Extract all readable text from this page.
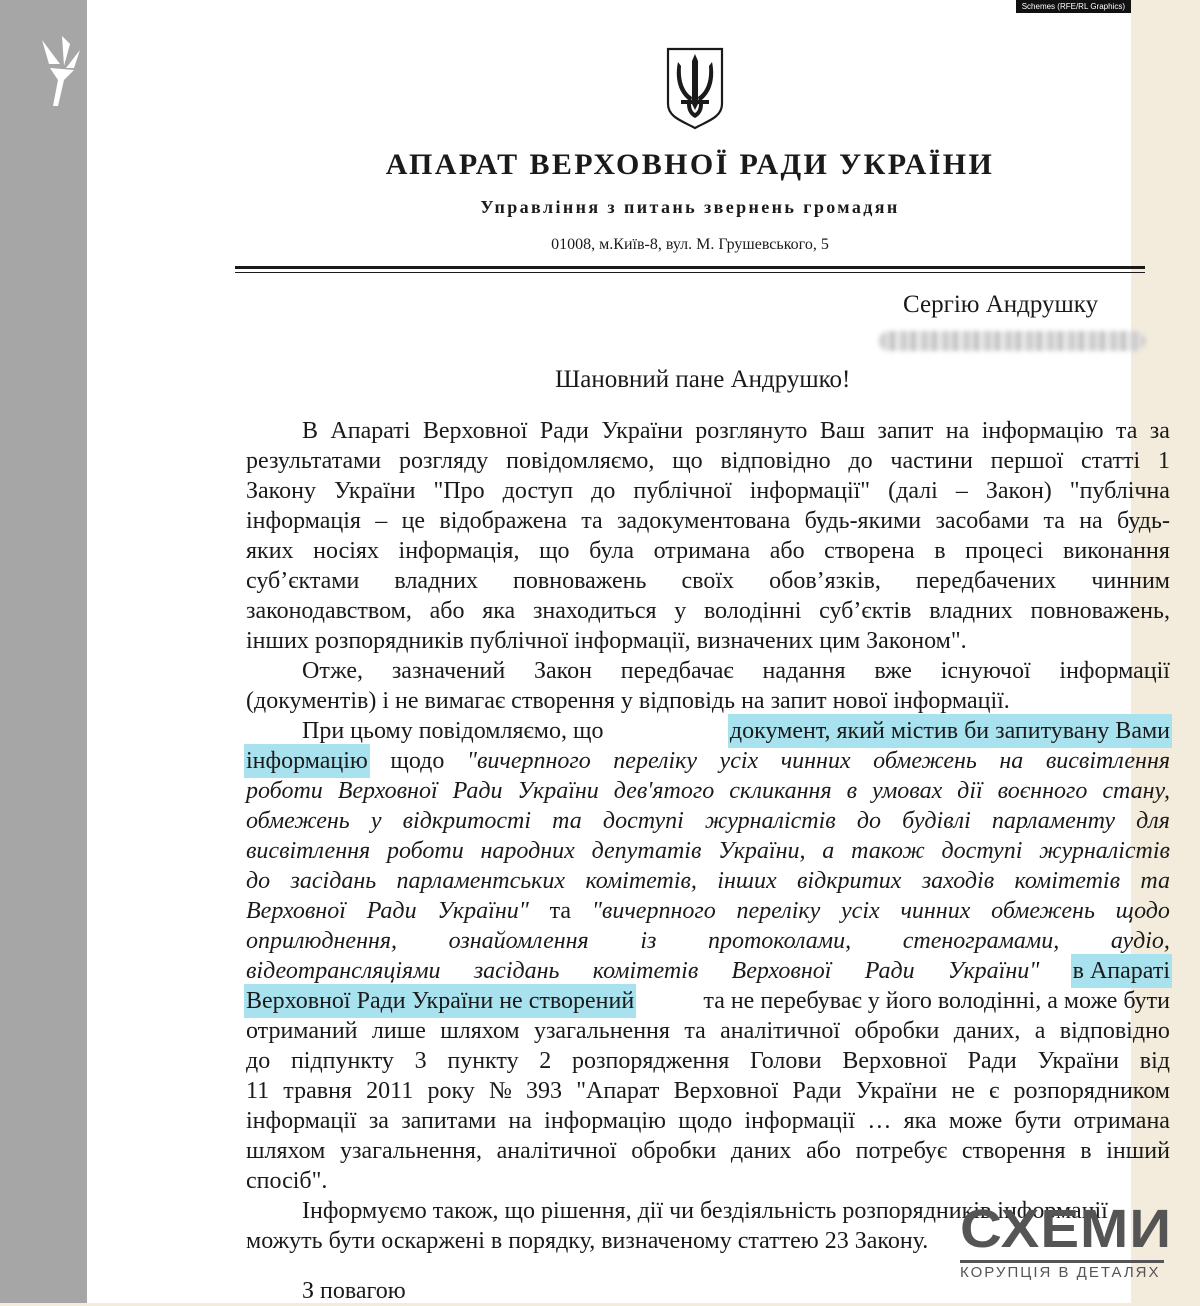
АПАРАТ ВЕРХОВНОЇ РАДИ УКРАЇНИ
Управління з питань звернень громадян
01008, м.Київ-8, вул. М. Грушевського, 5
Сергію Андрушку
Шановний пане Андрушко!
В Апараті Верховної Ради України розглянуто Ваш запит на інформацію та за
результатами розгляду повідомляємо, що відповідно до частини першої статті 1
Закону України "Про доступ до публічної інформації" (далі – Закон) "публічна
інформація – це відображена та задокументована будь-якими засобами та на будь-
яких носіях інформація, що була отримана або створена в процесі виконання
суб’єктами владних повноважень своїх обов’язків, передбачених чинним
законодавством, або яка знаходиться у володінні суб’єктів владних повноважень,
інших розпорядників публічної інформації, визначених цим Законом".
Отже, зазначений Закон передбачає надання вже існуючої інформації
(документів) і не вимагає створення у відповідь на запит нової інформації.
При цьому повідомляємо, що	документ, який містив би запитувану Вами
інформацію щодо "вичерпного переліку усіх чинних обмежень на висвітлення
роботи Верховної Ради України дев'ятого скликання в умовах дії воєнного стану,
обмежень у відкритості та доступі журналістів до будівлі парламенту для
висвітлення роботи народних депутатів України, а також доступі журналістів
до засідань парламентських комітетів, інших відкритих заходів комітетів та
Верховної Ради України" та "вичерпного переліку усіх чинних обмежень щодо
оприлюднення, ознайомлення із протоколами, стенограмами, аудіо,
відеотрансляціями засідань комітетів Верховної Ради України" в Апараті
Верховної Ради України не створений	та не перебуває у його володінні, а може бути
отриманий лише шляхом узагальнення та аналітичної обробки даних, а відповідно
до підпункту 3 пункту 2 розпорядження Голови Верховної Ради України від
11 травня 2011 року № 393 "Апарат Верховної Ради України не є розпорядником
інформації за запитами на інформацію щодо інформації … яка може бути отримана
шляхом узагальнення, аналітичної обробки даних або потребує створення в інший
спосіб".
Інформуємо також, що рішення, дії чи бездіяльність розпорядників інформації
можуть бути оскаржені в порядку, визначеному статтею 23 Закону.
З повагою
Schemes (RFE/RL Graphics)
Радіо
Свобода
СХЕМИ
КОРУПЦІЯ В ДЕТАЛЯХ
